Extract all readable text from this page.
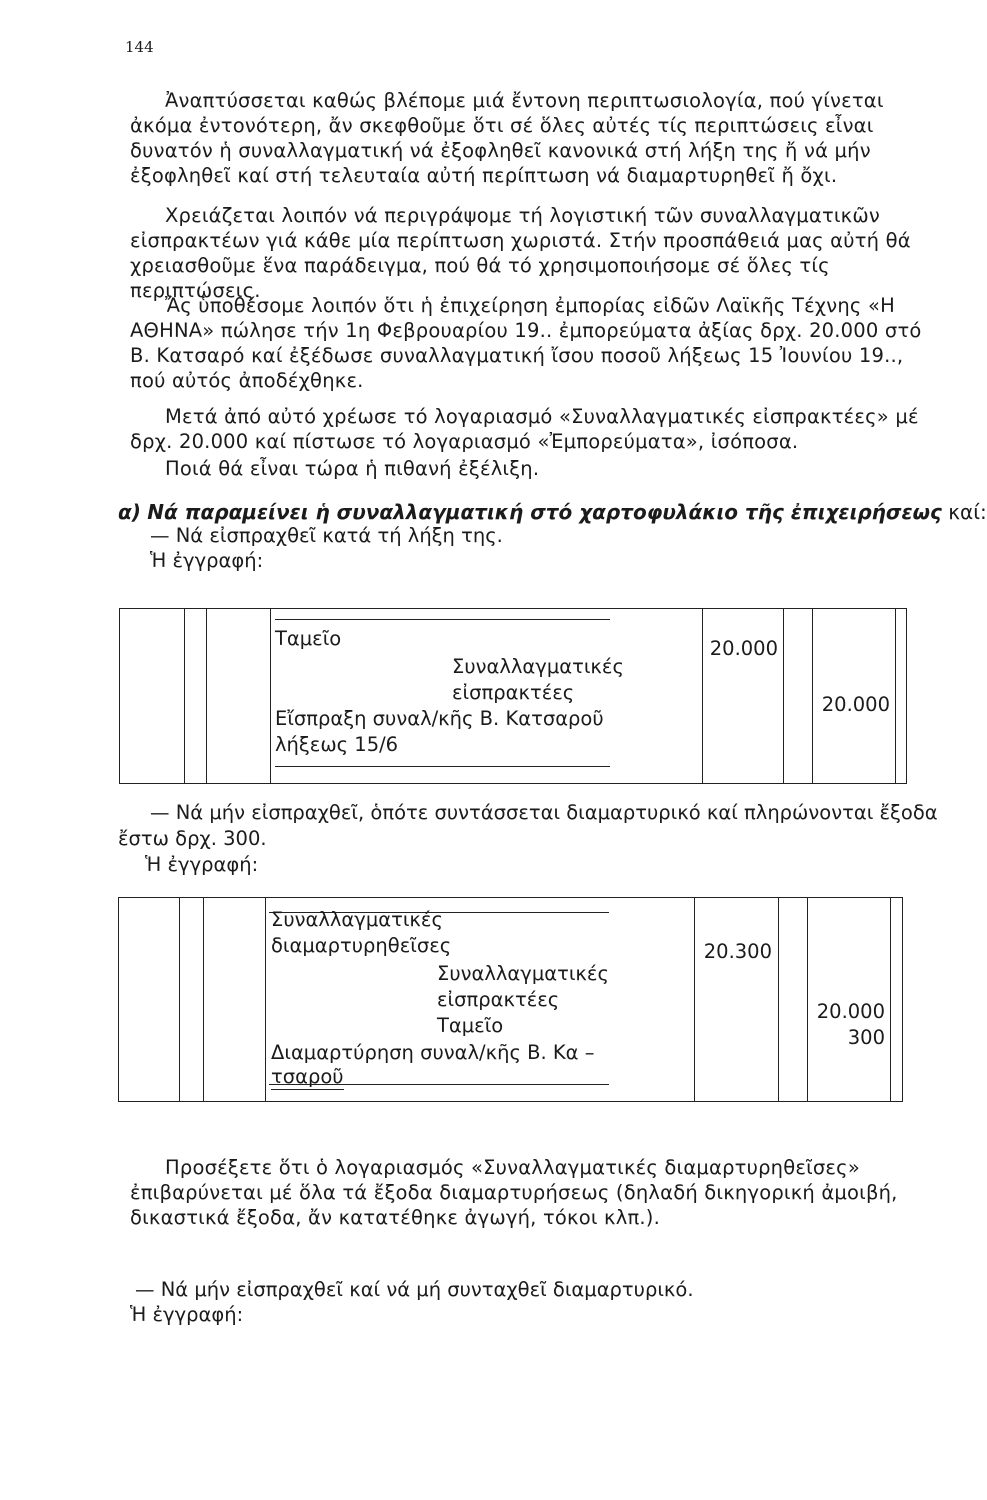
144

Ἀναπτύσσεται καθώς βλέπομε μιά ἔντονη περιπτωσιολογία, πού γίνεται ἀκόμα ἐντονότερη, ἄν σκεφθοῦμε ὅτι σέ ὅλες αὐτές τίς περιπτώσεις εἶναι δυνατόν ἡ συναλλαγματική νά ἐξοφληθεῖ κανονικά στή λήξη της ἤ νά μήν ἐξοφληθεῖ καί στή τελευταία αὐτή περίπτωση νά διαμαρτυρηθεῖ ἤ ὄχι.

Χρειάζεται λοιπόν νά περιγράψομε τή λογιστική τῶν συναλλαγματικῶν εἰσπρακτέων γιά κάθε μία περίπτωση χωριστά. Στήν προσπάθειά μας αὐτή θά χρειασθοῦμε ἕνα παράδειγμα, πού θά τό χρησιμοποιήσομε σέ ὅλες τίς περιπτώσεις.

Ἄς ὑποθέσομε λοιπόν ὅτι ἡ ἐπιχείρηση ἐμπορίας εἰδῶν Λαϊκῆς Τέχνης «Η ΑΘΗΝΑ» πώλησε τήν 1η Φεβρουαρίου 19.. ἐμπορεύματα ἀξίας δρχ. 20.000 στό Β. Κατσαρό καί ἐξέδωσε συναλλαγματική ἴσου ποσοῦ λήξεως 15 Ἰουνίου 19.., πού αὐτός ἀποδέχθηκε.

Μετά ἀπό αὐτό χρέωσε τό λογαριασμό «Συναλλαγματικές εἰσπρακτέες» μέ δρχ. 20.000 καί πίστωσε τό λογαριασμό «Ἐμπορεύματα», ἰσόποσα.

Ποιά θά εἶναι τώρα ἡ πιθανή ἐξέλιξη.

α) Νά παραμείνει ἡ συναλλαγματική στό χαρτοφυλάκιο τῆς ἐπιχειρήσεως καί:
— Νά εἰσπραχθεῖ κατά τή λήξη της.
Ἡ ἐγγραφή:
Ταμεῖο
Συναλλαγματικές
εἰσπρακτέες
Εἴσπραξη συναλ/κῆς Β. Κατσαροῦ
λήξεως 15/6
20.000
20.000
— Νά μήν εἰσπραχθεῖ, ὁπότε συντάσσεται διαμαρτυρικό καί πληρώνονται ἔξοδα
ἔστω δρχ. 300.
Ἡ ἐγγραφή:
Συναλλαγματικές
διαμαρτυρηθεῖσες
Συναλλαγματικές
εἰσπρακτέες
Ταμεῖο
Διαμαρτύρηση συναλ/κῆς Β. Κα –
τσαροῦ
20.300
20.000
300

Προσέξετε ὅτι ὁ λογαριασμός «Συναλλαγματικές διαμαρτυρηθεῖσες» ἐπιβαρύνεται μέ ὅλα τά ἔξοδα διαμαρτυρήσεως (δηλαδή δικηγορική ἀμοιβή, δικαστικά ἔξοδα, ἄν κατατέθηκε ἀγωγή, τόκοι κλπ.).

— Νά μήν εἰσπραχθεῖ καί νά μή συνταχθεῖ διαμαρτυρικό.
Ἡ ἐγγραφή:
